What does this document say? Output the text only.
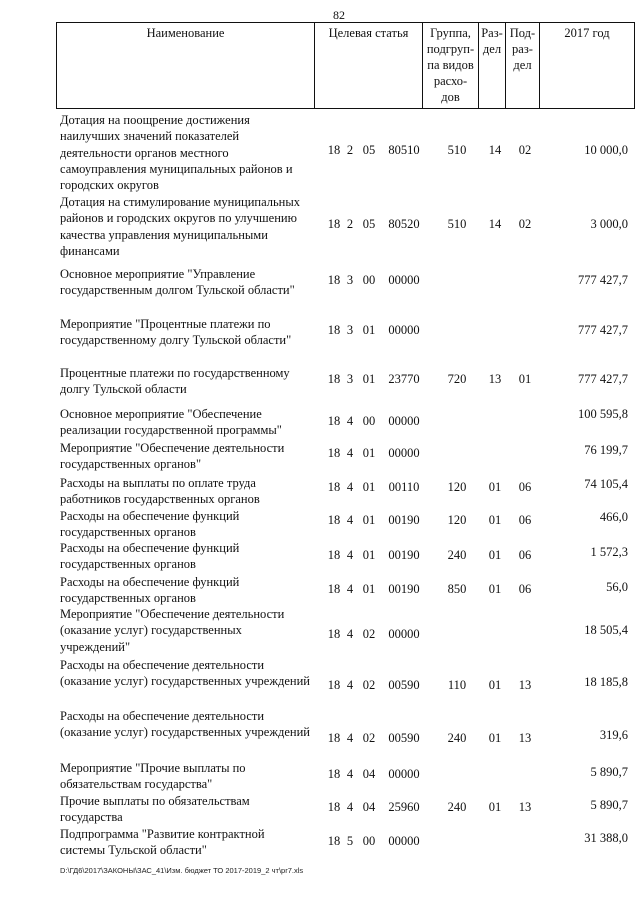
82
Наименование	Целевая статья	Группа,
подгруп-
па видов
расхо-
дов	Раз-
дел	Под-
раз-
дел	2017 год
Дотация на поощрение достижения наилучших значений показателей деятельности органов местного самоуправления муниципальных районов и городских округов
18 2 05	80510	510	14	02	10 000,0
Дотация на стимулирование муниципальных районов и городских округов по улучшению качества управления муниципальными финансами
18 2 05	80520	510	14	02	3 000,0
Основное мероприятие "Управление государственным долгом Тульской области"
18 3 00	00000	777 427,7
Мероприятие "Процентные платежи по государственному долгу Тульской области"
18 3 01	00000	777 427,7
Процентные платежи по государственному долгу Тульской области
18 3 01	23770	720	13	01	777 427,7
Основное мероприятие "Обеспечение реализации государственной программы"
18 4 00	00000	100 595,8
Мероприятие "Обеспечение деятельности государственных органов"
18 4 01	00000	76 199,7
Расходы на выплаты по оплате труда работников государственных органов
18 4 01	00110	120	01	06	74 105,4
Расходы на обеспечение функций государственных органов
18 4 01	00190	120	01	06	466,0
Расходы на обеспечение функций государственных органов
18 4 01	00190	240	01	06	1 572,3
Расходы на обеспечение функций государственных органов
18 4 01	00190	850	01	06	56,0
Мероприятие "Обеспечение деятельности (оказание услуг) государственных учреждений"
18 4 02	00000	18 505,4
Расходы на обеспечение деятельности (оказание услуг) государственных учреждений 18 4 02	00590	110	01	13	18 185,8
Расходы на обеспечение деятельности (оказание услуг) государственных учреждений 18 4 02	00590	240	01	13	319,6
Мероприятие "Прочие выплаты по обязательствам государства"
18 4 04	00000	5 890,7
Прочие выплаты по обязательствам государства
18 4 04	25960	240	01	13	5 890,7
Подпрограмма "Развитие контрактной системы Тульской области"
18 5 00	00000	31 388,0
D:\ГД6\2017\ЗАКОНЫ\ЗАС_41\Изм. бюджет ТО 2017-2019_2 чт\pr7.xls
